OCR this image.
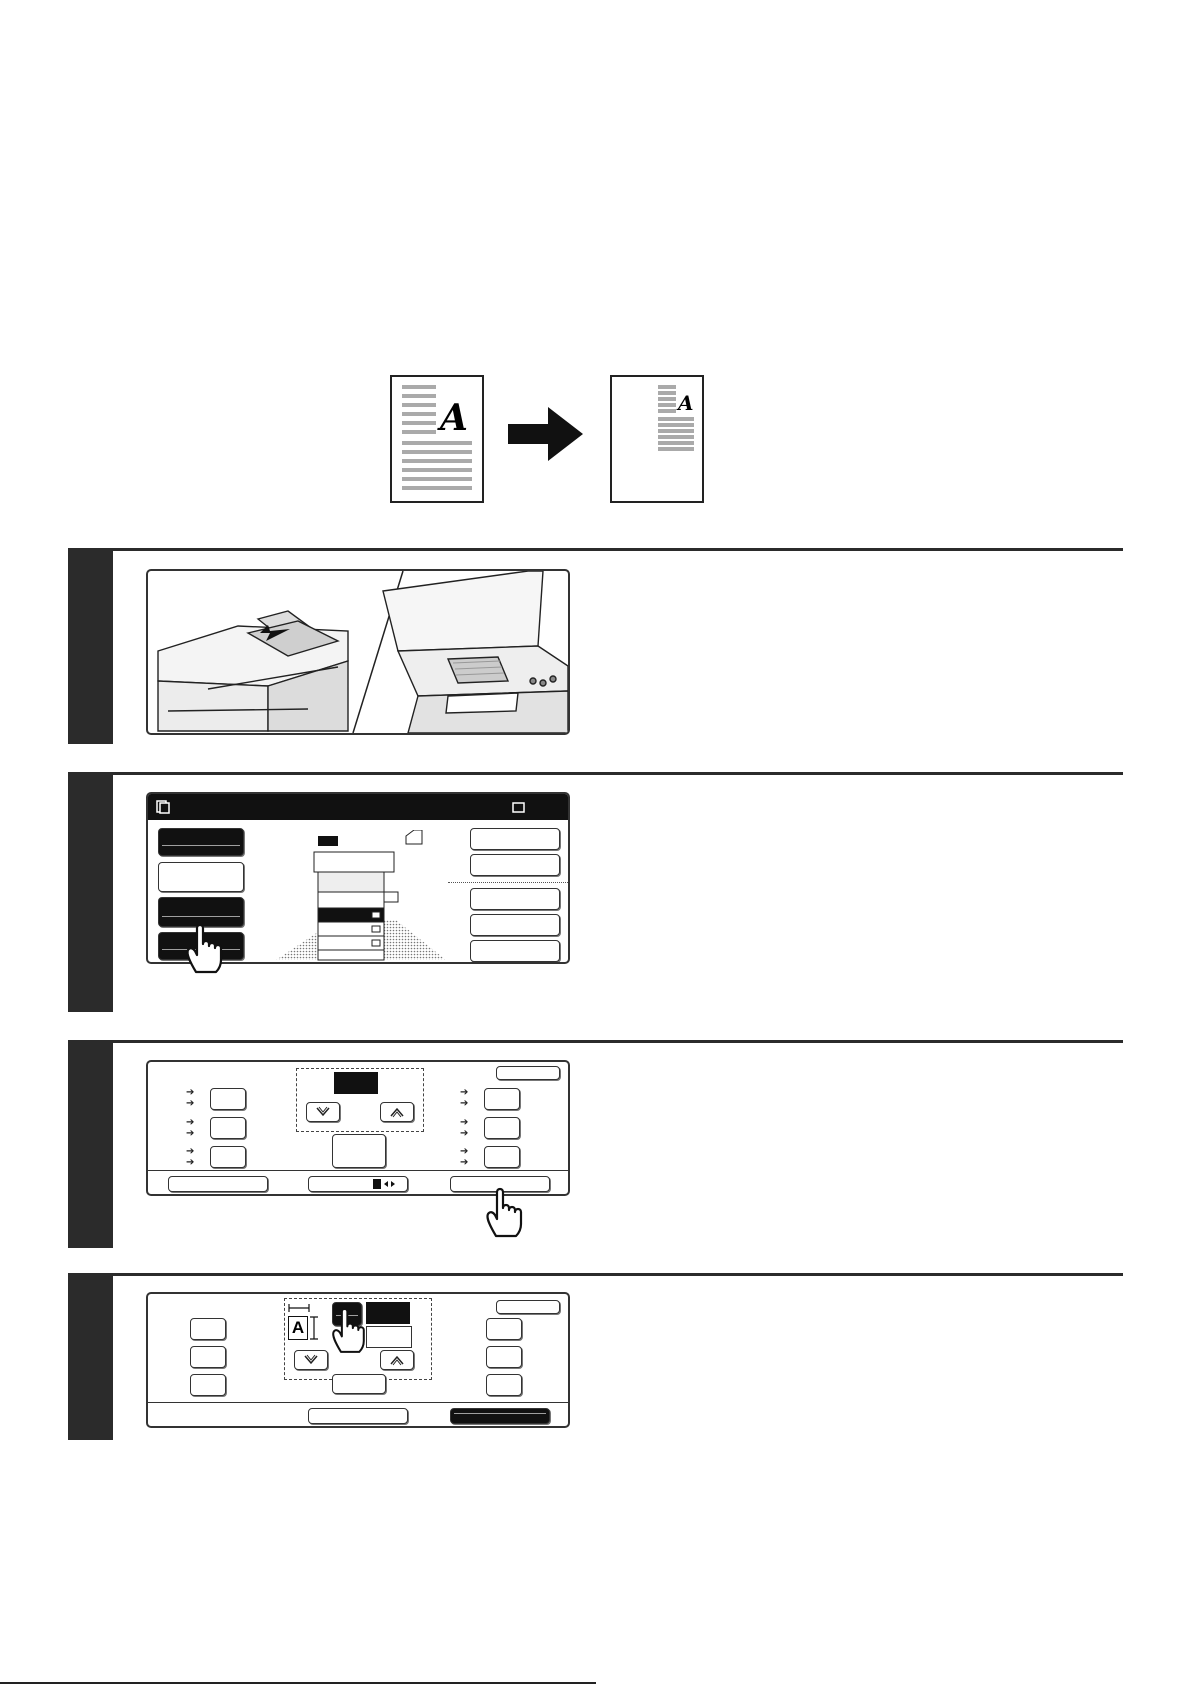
A	A
➔
➔
➔
➔
➔
➔
➔
➔
➔
➔
➔
➔
A
